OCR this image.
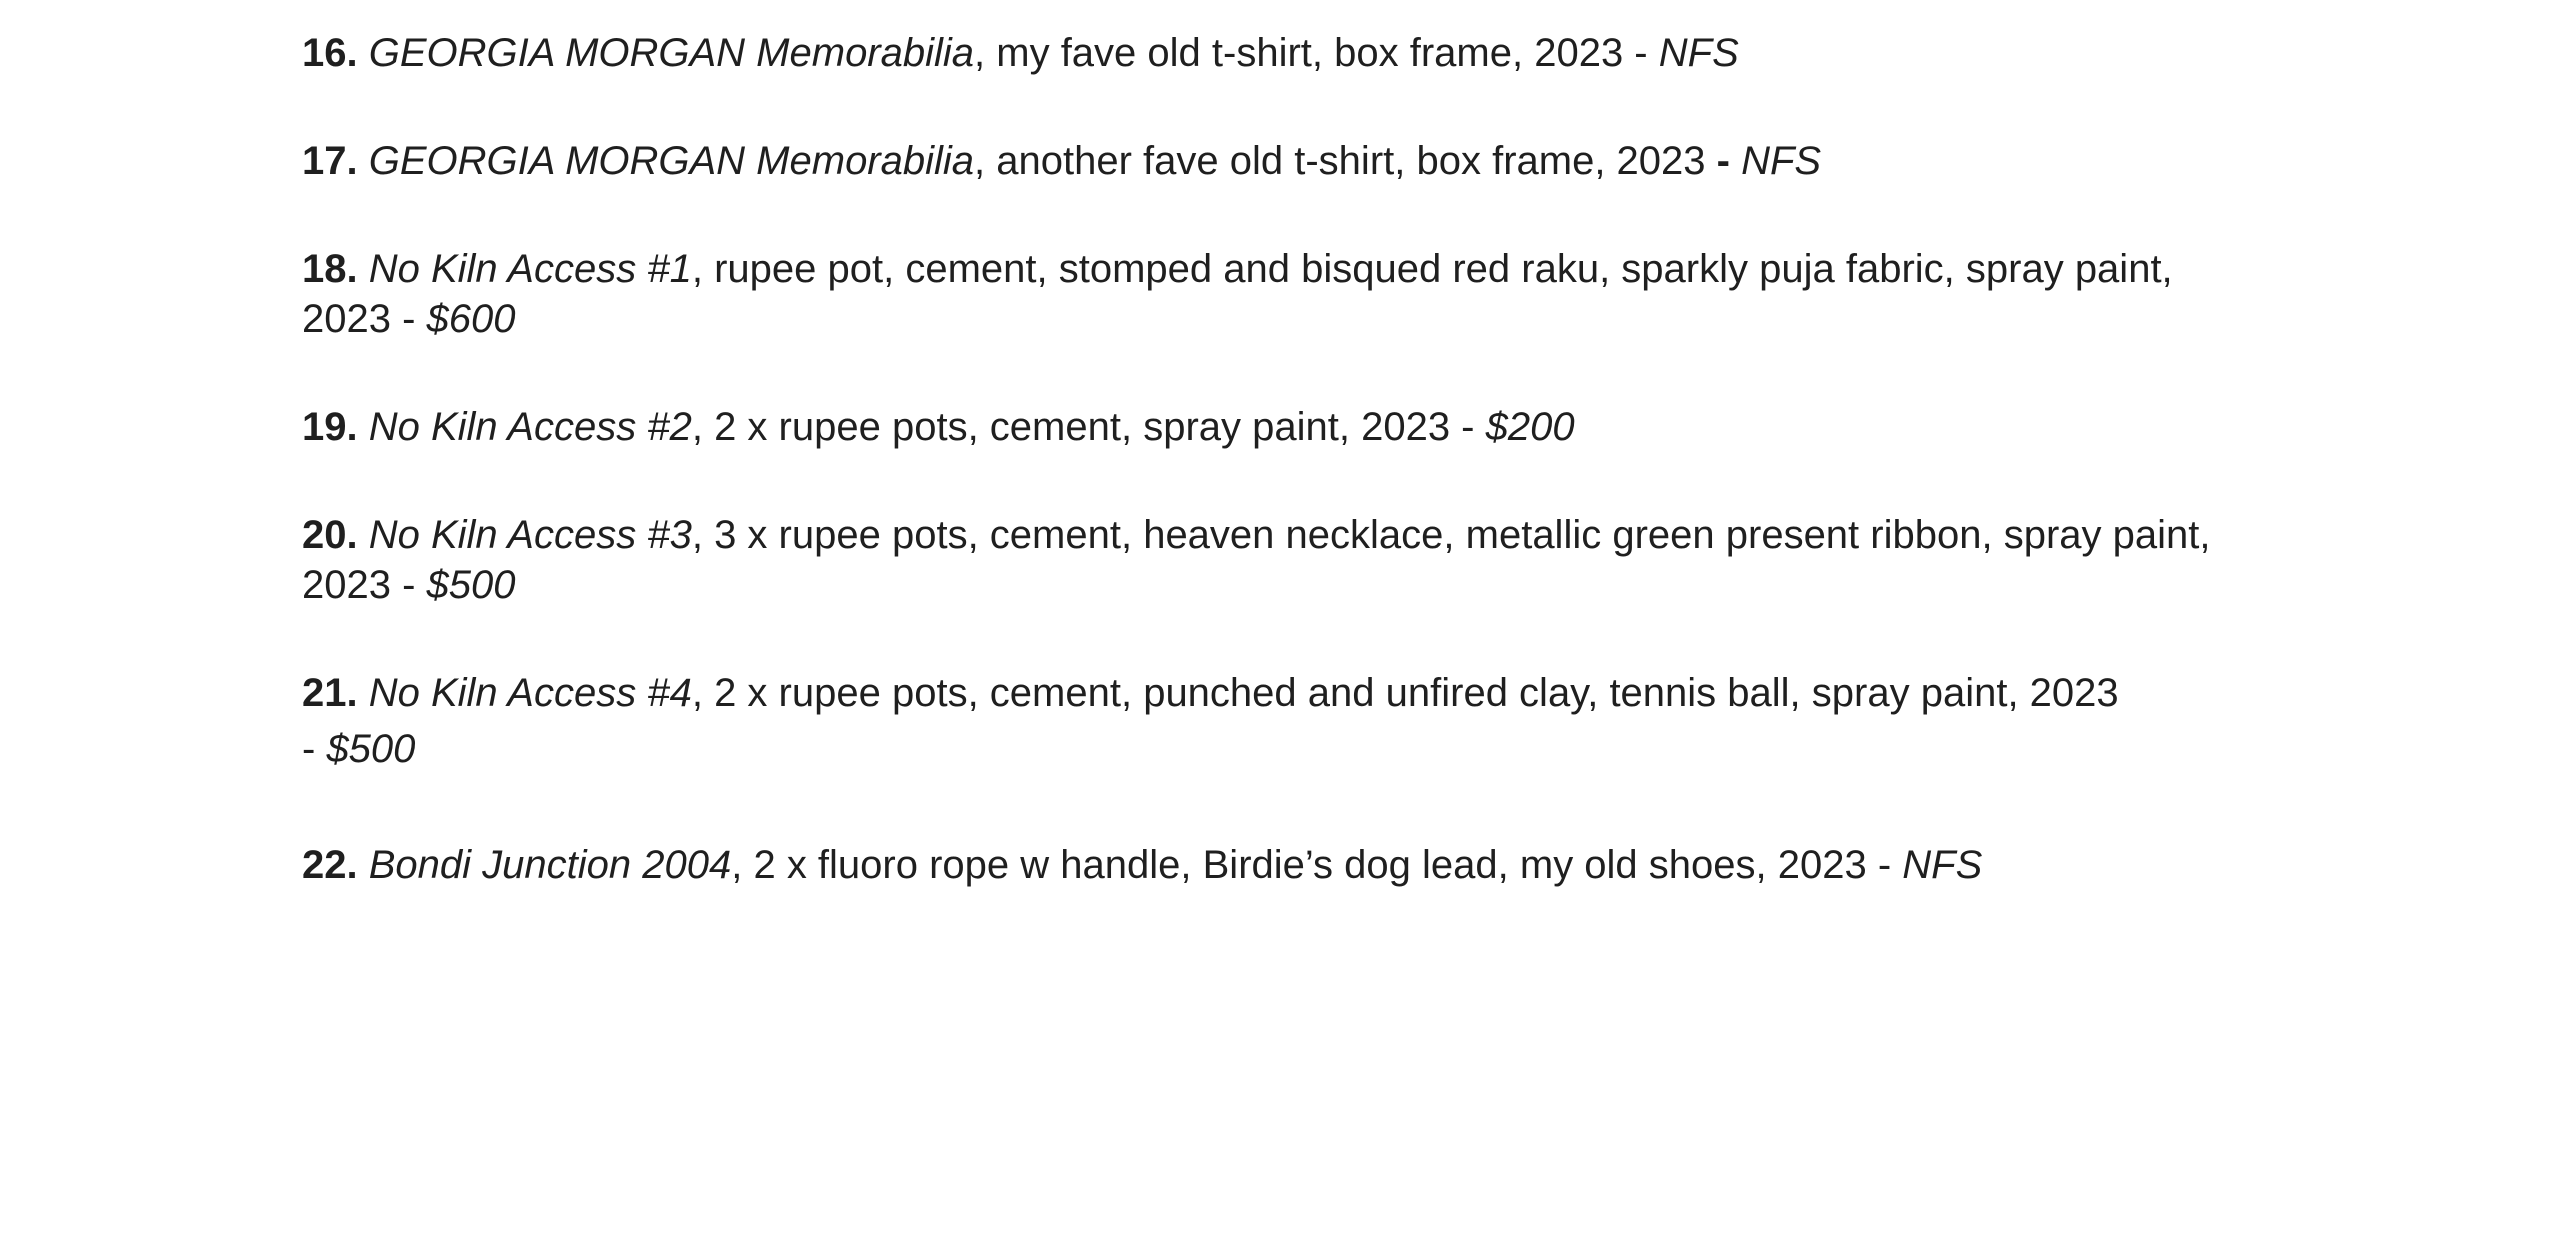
16. GEORGIA MORGAN Memorabilia, my fave old t-shirt, box frame, 2023 - NFS

17. GEORGIA MORGAN Memorabilia, another fave old t-shirt, box frame, 2023 - NFS

18. No Kiln Access #1, rupee pot, cement, stomped and bisqued red raku, sparkly puja fabric, spray paint, 2023 - $600

19. No Kiln Access #2, 2 x rupee pots, cement, spray paint, 2023 - $200

20. No Kiln Access #3, 3 x rupee pots, cement, heaven necklace, metallic green present ribbon, spray paint, 2023 - $500

21. No Kiln Access #4, 2 x rupee pots, cement, punched and unfired clay, tennis ball, spray paint, 2023
- $500

22. Bondi Junction 2004, 2 x fluoro rope w handle, Birdie’s dog lead, my old shoes, 2023 - NFS
